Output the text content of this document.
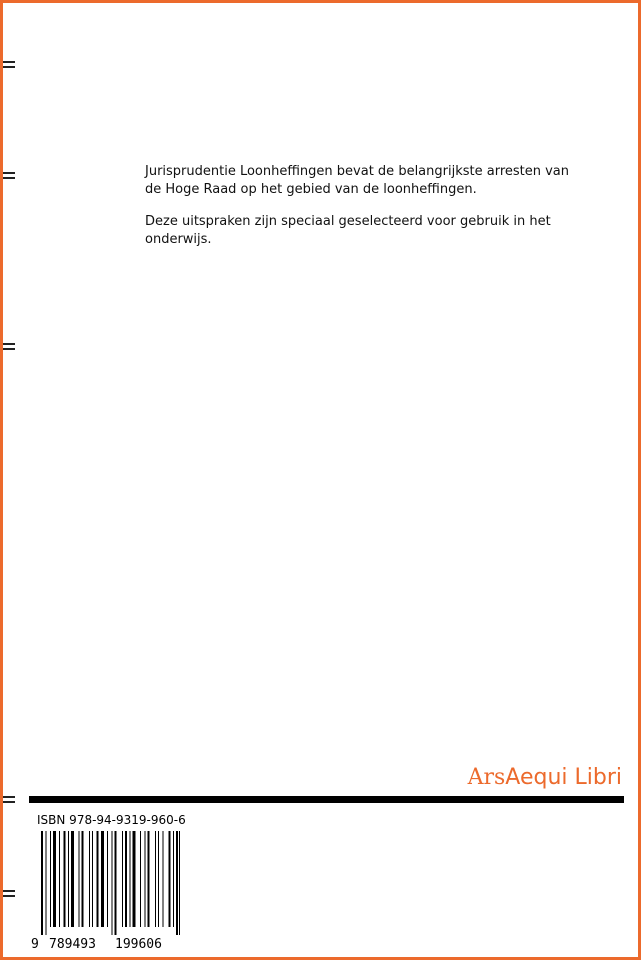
Jurisprudentie Loonheffingen bevat de belangrijkste arresten van de Hoge Raad op het gebied van de loonheffingen.

Deze uitspraken zijn speciaal geselecteerd voor gebruik in het onderwijs.

ArsAequi Libri
ISBN 978-94-9319-960-6
9 789493 199606
